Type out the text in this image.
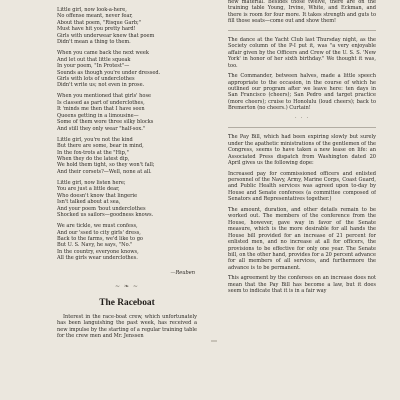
Little girl, now look-a-here,
No offense meant, never fear,
About that poem, "Risque Garb;"
Must have hit you pretty hard!
Girls with underwear knew that poem
Didn't mean a thing to them.
When you came back the next week
And let out that little squeak
In your poem, "In Protest"—
Sounds as though you're under dressed.
Girls with lots of underclothes
Didn't write us; not even in prose.
When you mentioned that girls' hose
Is classed as part of underclothes,
It 'minds me then that I have seen
Queens getting in a limousine—
Some of them wore three silky blocks
And still they only wear "half-sox."
Little girl, you're not the kind
But there are some, bear in mind,
In the fox-trots at the "Hip,"
When they do the latest dip,
We hold them tight, so they won't fall;
And their corsets?—Well, none at all.
Little girl, now listen here;
You are just a little dear,
Who doesn't know that lingerie
Isn't talked about at sea,
And your poem 'bout underclothes
Shocked us sailors—goodness knows.
We are tickle, we must confess,
And our 'ssed to city girls' dress,
Back to the farms, we'd like to go
But U. S. Navy, he says, "No."
In the country, everyone knows,
All the girls wear underclothes.
—Reuben
~ ❧ ~
The Raceboat

Interest in the race-boat crew, which unfortunately has been languishing the past week, has received a new impulse by the starting of a regular training table for the crew men and Mr. Jenssen

new material. Besides those twelve, there are on the training table Young, Irvine, White, and Eckman, and there is room for four more. It takes strength and guts to fill those seats—come out and show them!

The dance at the Yacht Club last Thursday night, as the Society column of the P-I put it, was "a very enjoyable affair given by the Officers and Crew of the U. S. S. 'New York' in honor of her sixth birthday." We thought it was, too.

The Commander, between halves, made a little speech appropriate to the occasion, in the course of which he outlined our program after we leave here: ten days in San Francisco (cheers); San Pedro and target practice (more cheers); cruise to Honolulu (loud cheers); back to Bremerton (no cheers.) Curtain!

· · ·

The Pay Bill, which had been expiring slowly but surely under the apathetic ministrations of the gentlemen of the Congress, seems to have taken a new lease on life: an Associated Press dispatch from Washington dated 20 April gives us the following dope:

Increased pay for commissioned officers and enlisted personnel of the Navy, Army, Marine Corps, Coast Guard, and Public Health services was agreed upon to-day by House and Senate conferees (a committee composed of Senators and Representatives together.)

The amount, duration, and other details remain to be worked out. The members of the conference from the House, however, gave way in favor of the Senate measure, which is the more desirable for all hands the House bill provided for an increase of 21 percent for enlisted men, and no increase at all for officers, the provisions to be effective for only one year. The Senate bill, on the other hand, provides for a 20 percent advance for all members of all services, and furthermore the advance is to be permanent.

This agreement by the conferees on an increase does not mean that the Pay Bill has become a law, but it does seem to indicate that it is in a fair way
